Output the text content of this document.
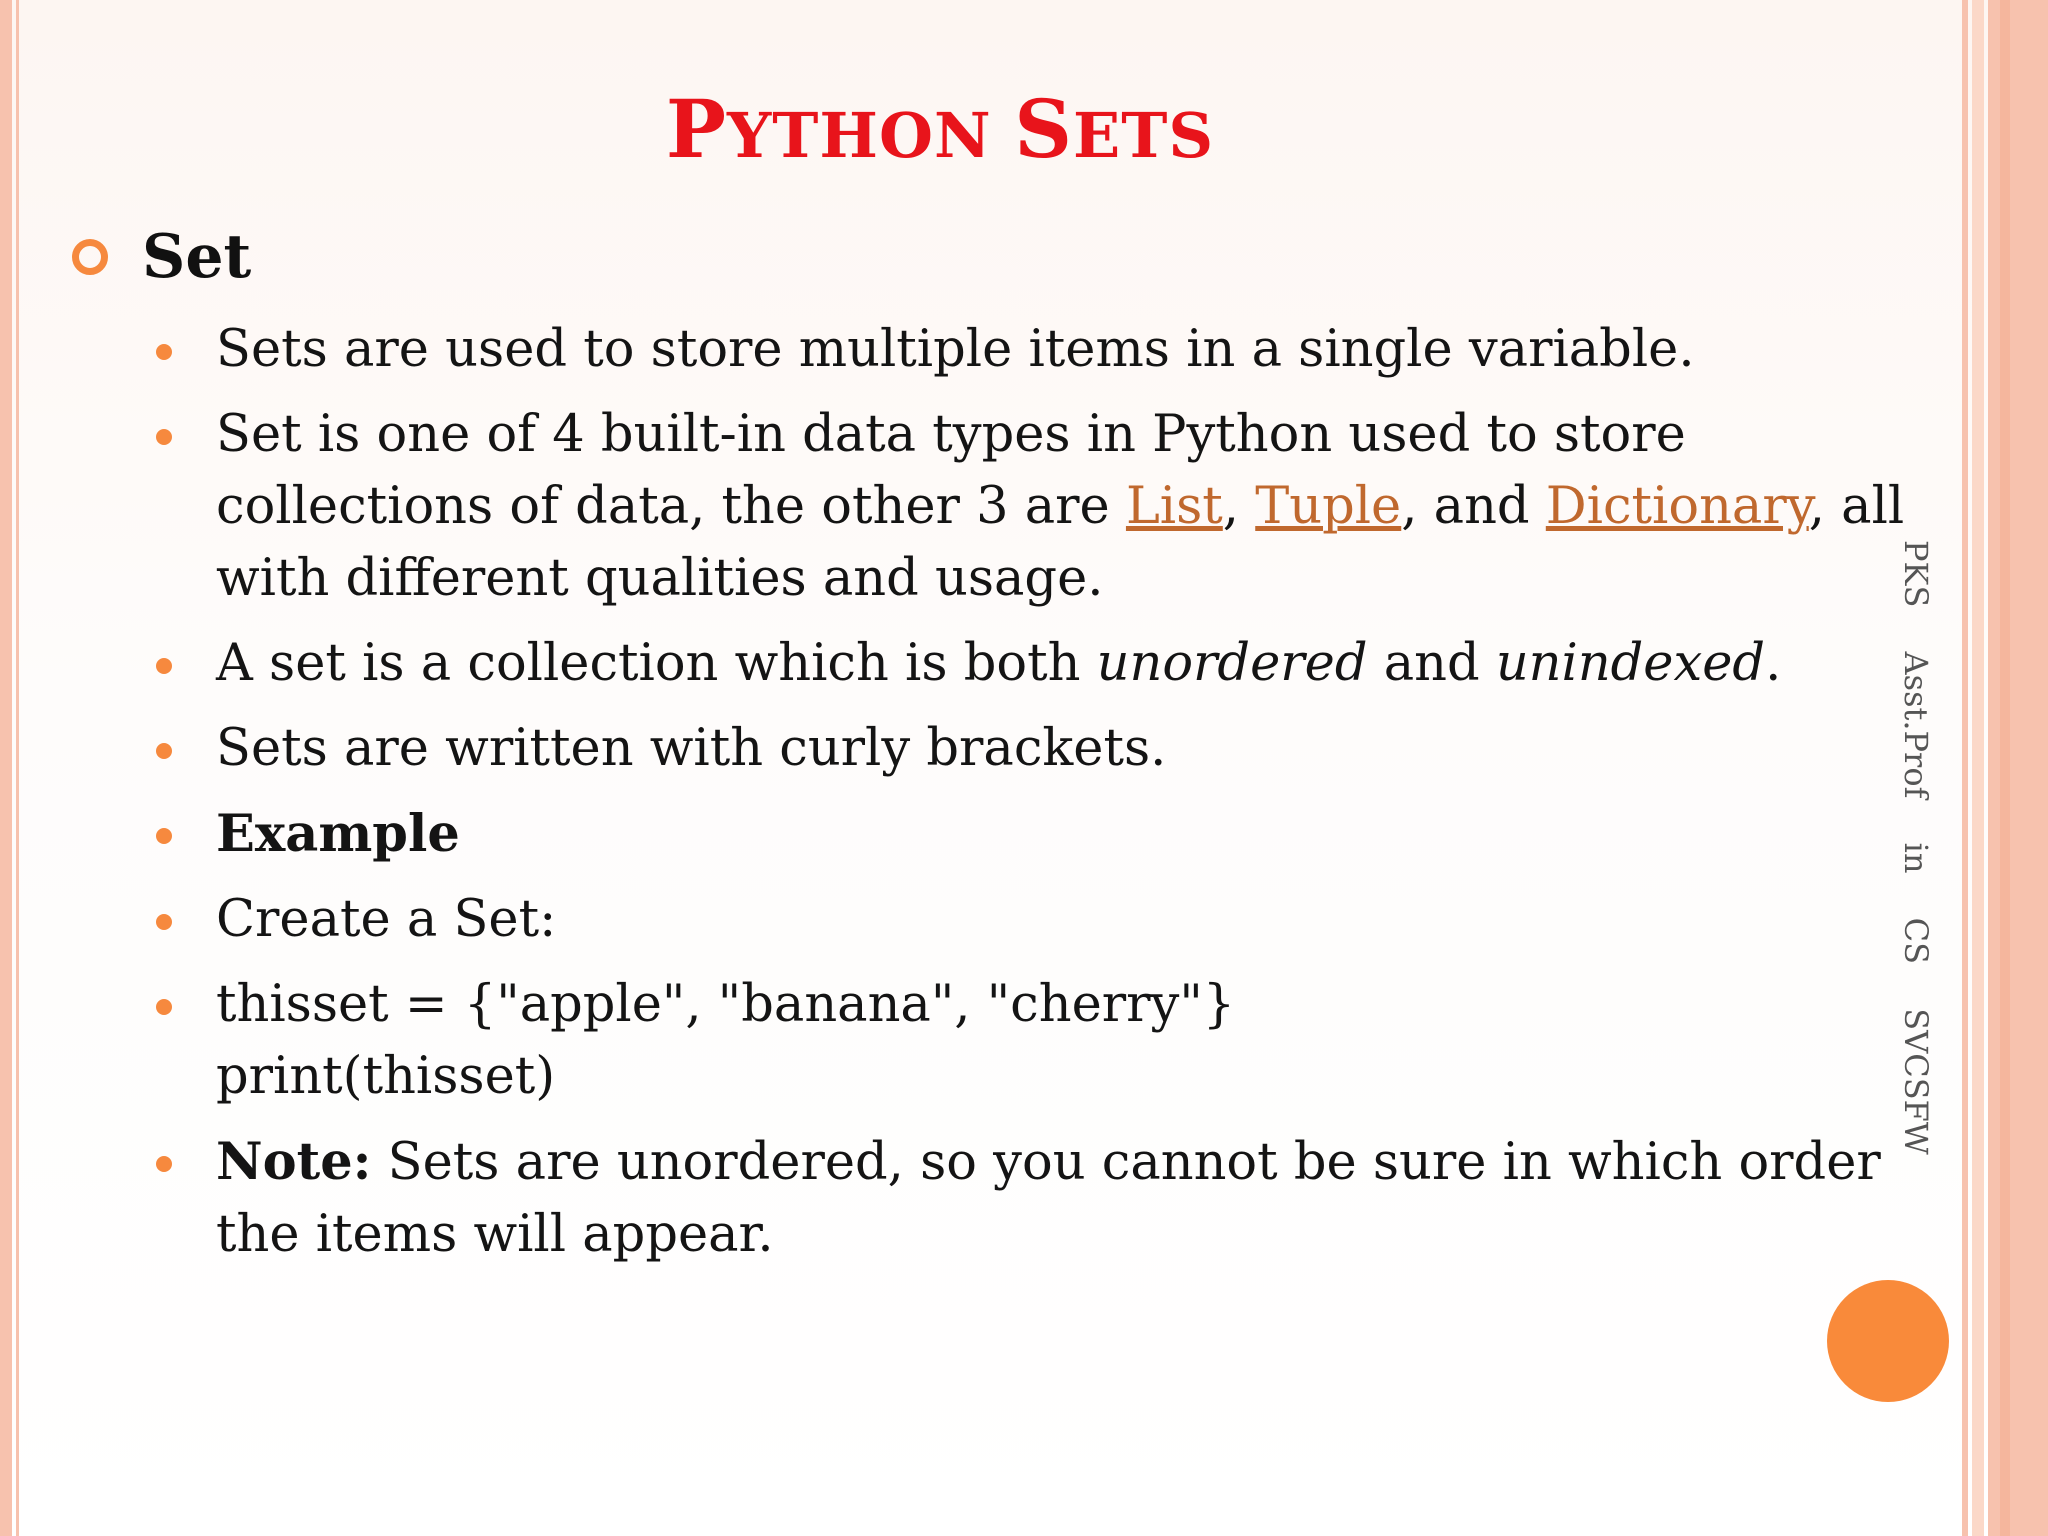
PYTHON SETS
Set
Sets are used to store multiple items in a single variable.
Set is one of 4 built-in data types in Python used to store collections of data, the other 3 are List, Tuple, and Dictionary, all with different qualities and usage.
A set is a collection which is both unordered and unindexed.
Sets are written with curly brackets.
Example
Create a Set:
thisset = {"apple", "banana", "cherry"}
print(thisset)
Note: Sets are unordered, so you cannot be sure in which order the items will appear.
PKS Asst.Prof in CS SVCSFW
